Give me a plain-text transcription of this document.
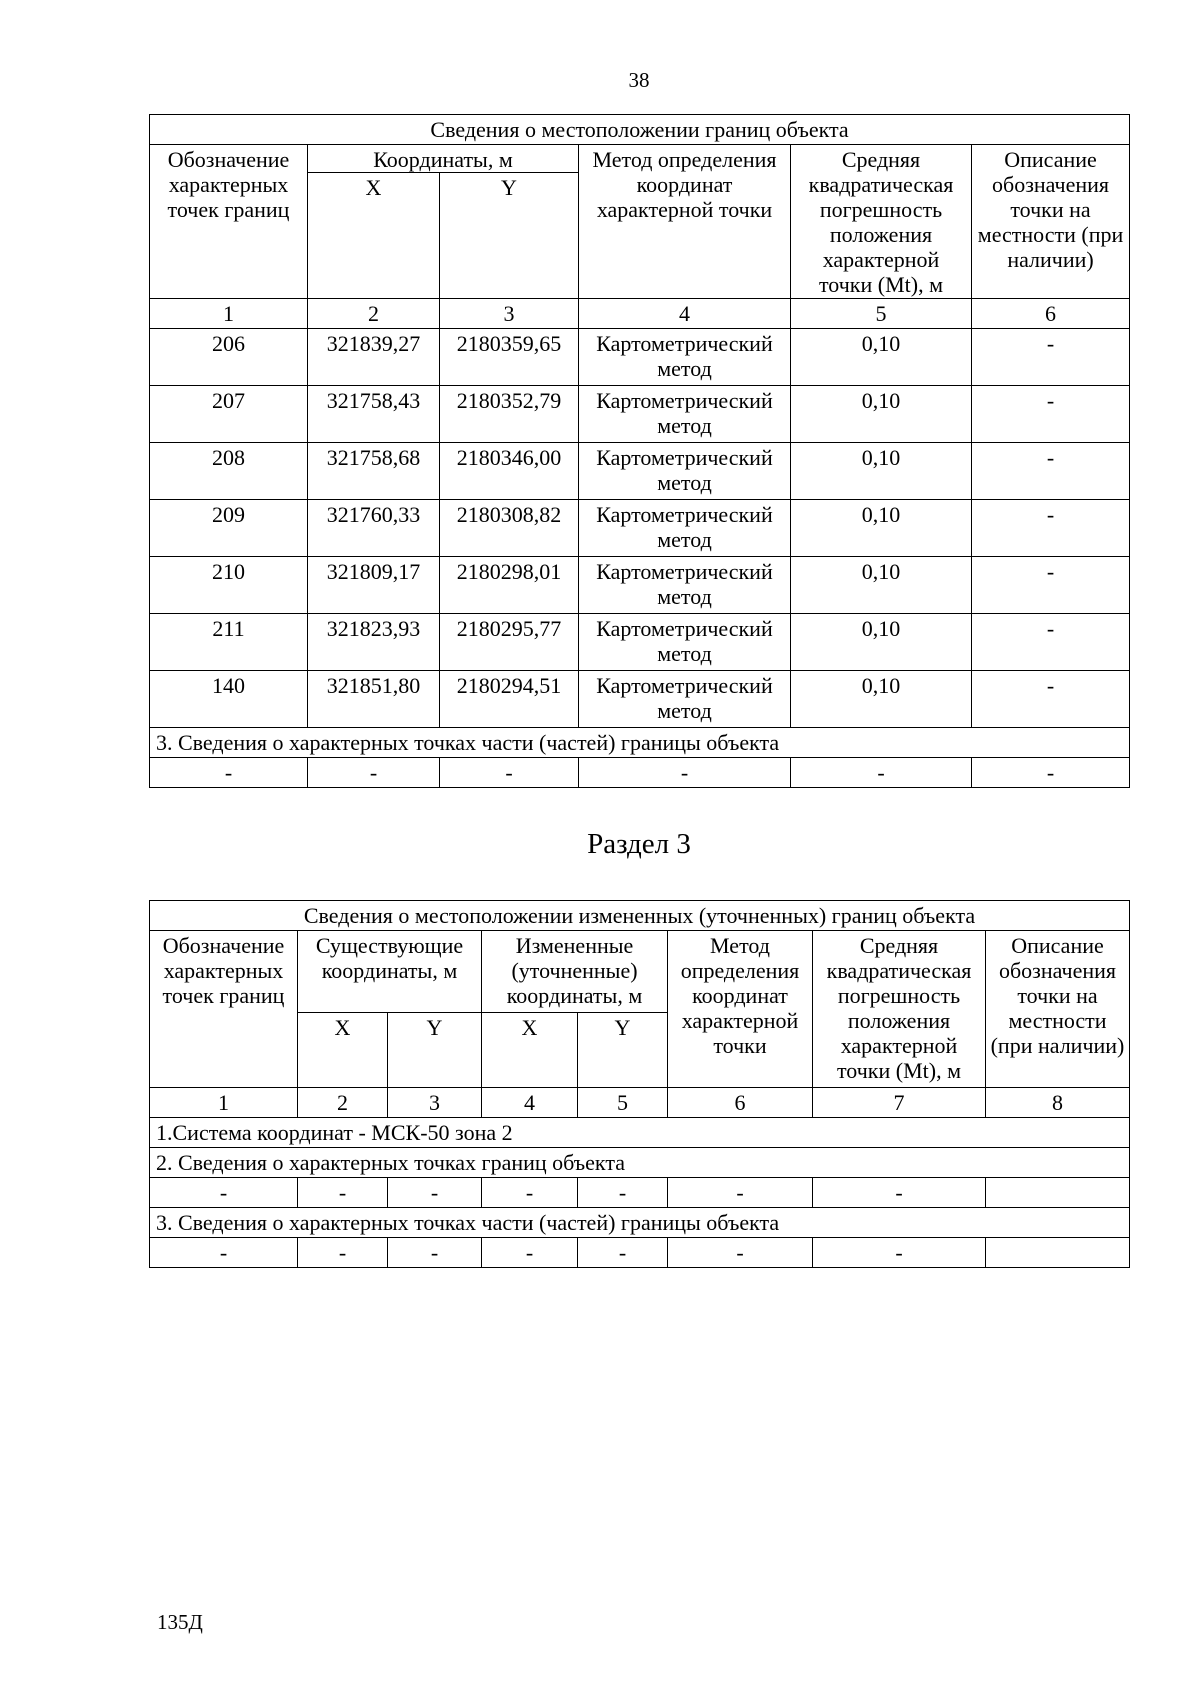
38
Сведения о местоположении границ объекта					
Обозначение характерных точек границ	Координаты, м		Метод определения координат характерной точки	Средняя квадратическая погрешность положения характерной точки (Mt), м	Описание обозначения точки на местности (при наличии)
	X	Y			
1	2	3	4	5	6
206	321839,27	2180359,65	Картометрический метод	0,10	-
207	321758,43	2180352,79	Картометрический метод	0,10	-
208	321758,68	2180346,00	Картометрический метод	0,10	-
209	321760,33	2180308,82	Картометрический метод	0,10	-
210	321809,17	2180298,01	Картометрический метод	0,10	-
211	321823,93	2180295,77	Картометрический метод	0,10	-
140	321851,80	2180294,51	Картометрический метод	0,10	-
3. Сведения о характерных точках части (частей) границы объекта					
-	-	-	-	-	-
Раздел 3
Сведения о местоположении измененных (уточненных) границ объекта							
Обозначение характерных точек границ	Существующие координаты, м		Измененные (уточненные) координаты, м		Метод определения координат характерной точки	Средняя квадратическая погрешность положения характерной точки (Mt), м	Описание обозначения точки на местности (при наличии)
	X	Y	X	Y			
1	2	3	4	5	6	7	8
1.Система координат - МСК-50 зона 2							
2. Сведения о характерных точках границ объекта							
-	-	-	-	-	-	-	
3. Сведения о характерных точках части (частей) границы объекта							
-	-	-	-	-	-	-	
135Д
